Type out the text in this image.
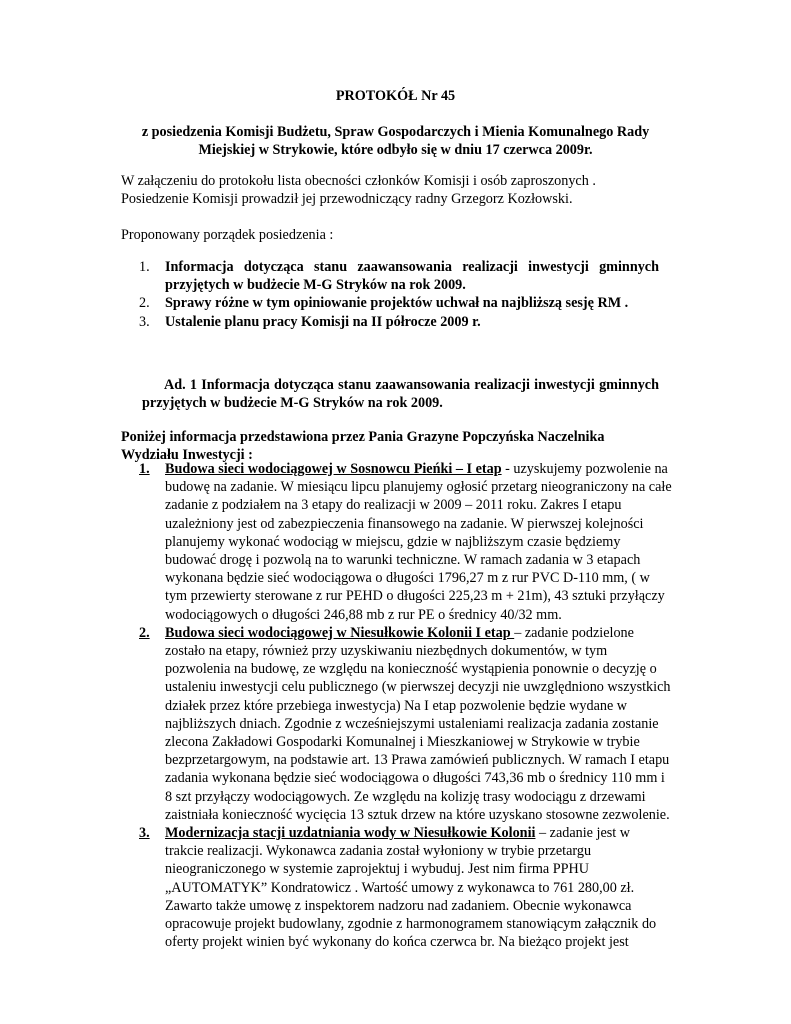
PROTOKÓŁ Nr 45
z posiedzenia Komisji Budżetu, Spraw Gospodarczych i Mienia Komunalnego Rady
Miejskiej w Strykowie, które odbyło się w dniu 17 czerwca 2009r.
W załączeniu do protokołu lista obecności członków Komisji i osób zaproszonych .
Posiedzenie Komisji prowadził jej przewodniczący radny Grzegorz Kozłowski.
Proponowany porządek posiedzenia :
1. Informacja dotycząca stanu zaawansowania realizacji inwestycji gminnych przyjętych w budżecie M-G Stryków na rok 2009.
2. Sprawy różne w tym opiniowanie projektów uchwał na najbliższą sesję RM .
3. Ustalenie planu pracy Komisji na II półrocze 2009 r.
Ad. 1 Informacja dotycząca stanu zaawansowania realizacji inwestycji gminnych przyjętych w budżecie M-G Stryków na rok 2009.
Poniżej informacja przedstawiona przez Pania Grazyne Popczyńska Naczelnika Wydziału Inwestycji :
1. Budowa sieci wodociągowej w Sosnowcu Pieńki – I etap - uzyskujemy pozwolenie na budowę na zadanie. W miesiącu lipcu planujemy ogłosić przetarg nieograniczony na całe zadanie z podziałem na 3 etapy do realizacji w 2009 – 2011 roku. Zakres I etapu uzależniony jest od zabezpieczenia finansowego na zadanie. W pierwszej kolejności planujemy wykonać wodociąg w miejscu, gdzie w najbliższym czasie będziemy budować drogę i pozwolą na to warunki techniczne. W ramach zadania w 3 etapach wykonana będzie sieć wodociągowa o długości 1796,27 m z rur PVC D-110 mm, ( w tym przewierty sterowane z rur PEHD o długości 225,23 m + 21m), 43 sztuki przyłączy wodociągowych o długości 246,88 mb z rur PE o średnicy 40/32 mm.
2. Budowa sieci wodociągowej w Niesułkowie Kolonii I etap – zadanie podzielone zostało na etapy, również przy uzyskiwaniu niezbędnych dokumentów, w tym pozwolenia na budowę, ze względu na konieczność wystąpienia ponownie o decyzję o ustaleniu inwestycji celu publicznego (w pierwszej decyzji nie uwzględniono wszystkich działek przez które przebiega inwestycja) Na I etap pozwolenie będzie wydane w najbliższych dniach. Zgodnie z wcześniejszymi ustaleniami realizacja zadania zostanie zlecona Zakładowi Gospodarki Komunalnej i Mieszkaniowej w Strykowie w trybie bezprzetargowym, na podstawie art. 13 Prawa zamówień publicznych. W ramach I etapu zadania wykonana będzie sieć wodociągowa o długości 743,36 mb o średnicy 110 mm i 8 szt przyłączy wodociągowych. Ze względu na kolizję trasy wodociągu z drzewami zaistniała konieczność wycięcia 13 sztuk drzew na które uzyskano stosowne zezwolenie.
3. Modernizacja stacji uzdatniania wody w Niesułkowie Kolonii – zadanie jest w trakcie realizacji. Wykonawca zadania został wyłoniony w trybie przetargu nieograniczonego w systemie zaprojektuj i wybuduj. Jest nim firma PPHU „AUTOMATYK” Kondratowicz . Wartość umowy z wykonawca to 761 280,00 zł. Zawarto także umowę z inspektorem nadzoru nad zadaniem. Obecnie wykonawca opracowuje projekt budowlany, zgodnie z harmonogramem stanowiącym załącznik do oferty projekt winien być wykonany do końca czerwca br. Na bieżąco projekt jest
